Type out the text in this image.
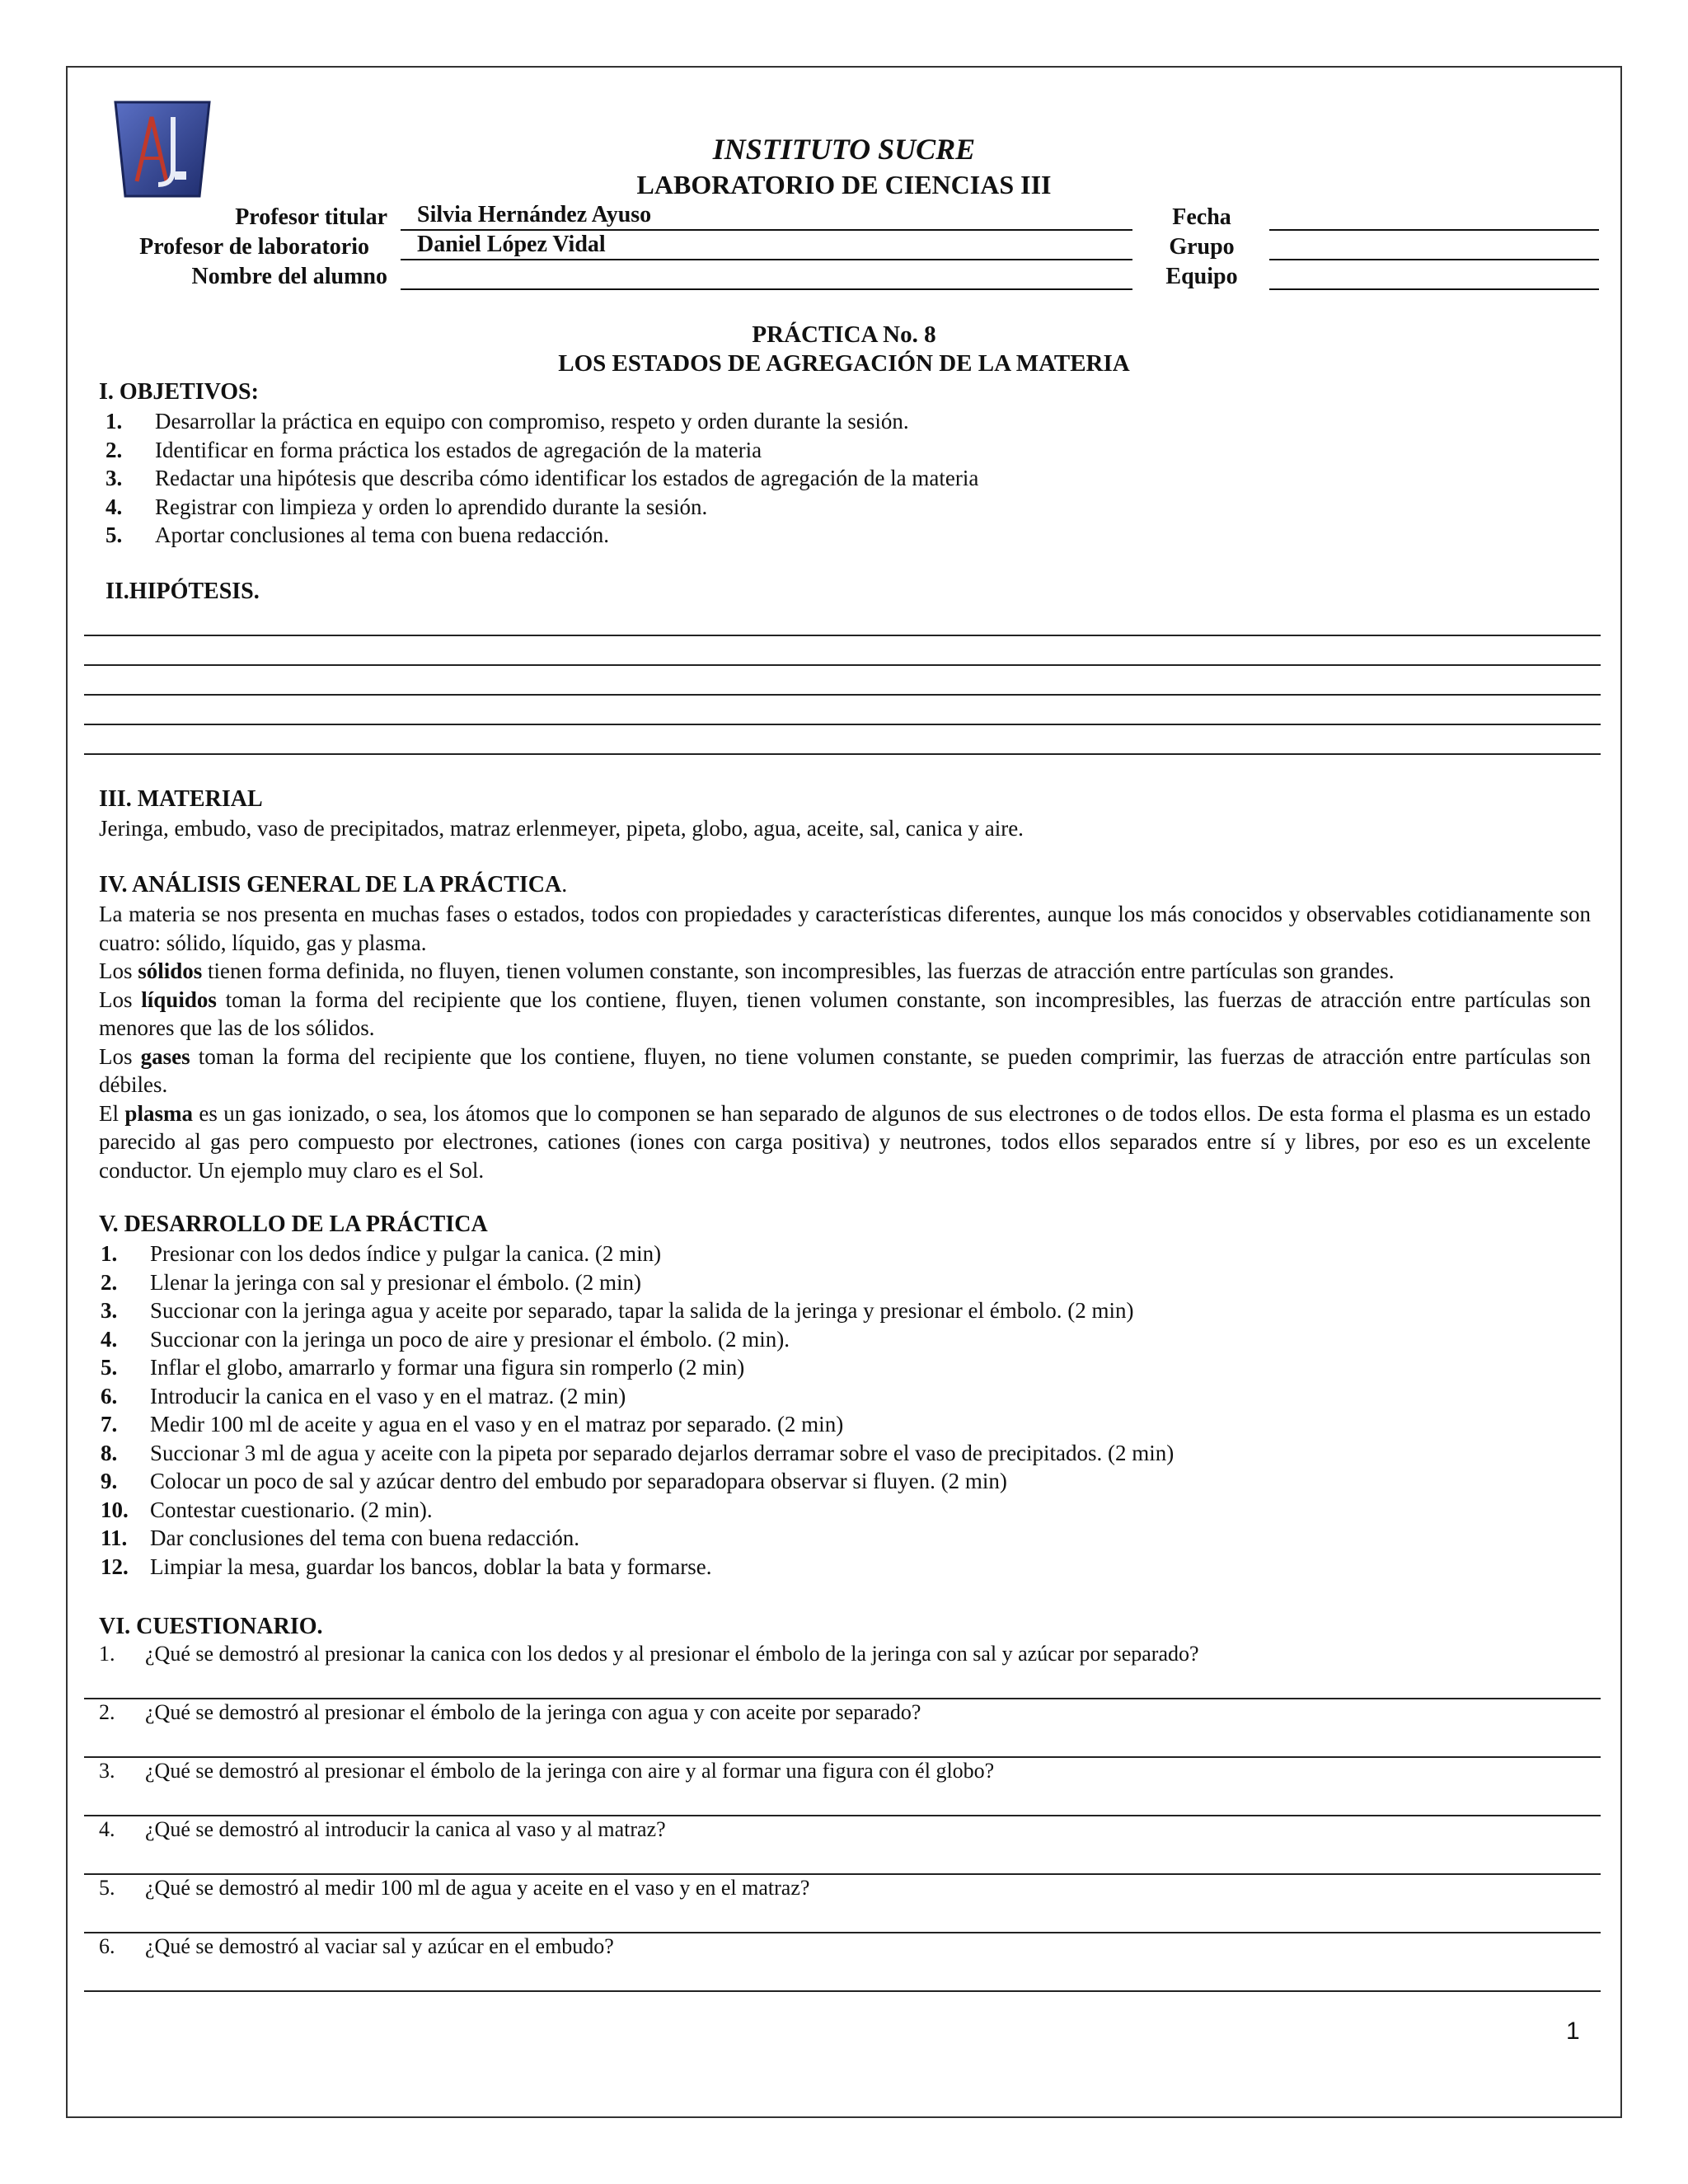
INSTITUTO SUCRE
LABORATORIO DE CIENCIAS III
Profesor titular	Silvia Hernández Ayuso
Profesor de laboratorio	Daniel López Vidal
Nombre del alumno
Fecha
Grupo
Equipo
PRÁCTICA No. 8
LOS ESTADOS DE AGREGACIÓN DE LA MATERIA
I. OBJETIVOS:
1. Desarrollar la práctica en equipo con compromiso, respeto y orden durante la sesión.
2. Identificar en forma práctica los estados de agregación de la materia
3. Redactar una hipótesis que describa cómo identificar los estados de agregación de la materia
4. Registrar con limpieza y orden lo aprendido durante la sesión.
5. Aportar conclusiones al tema con buena redacción.
II.HIPÓTESIS.
III. MATERIAL
Jeringa, embudo, vaso de precipitados, matraz erlenmeyer, pipeta, globo, agua, aceite, sal, canica y aire.
IV. ANÁLISIS GENERAL DE LA PRÁCTICA.

La materia se nos presenta en muchas fases o estados, todos con propiedades y características diferentes, aunque los más conocidos y observables cotidianamente son cuatro: sólido, líquido, gas y plasma.

Los sólidos tienen forma definida, no fluyen, tienen volumen constante, son incompresibles, las fuerzas de atracción entre partículas son grandes.

Los líquidos toman la forma del recipiente que los contiene, fluyen, tienen volumen constante, son incompresibles, las fuerzas de atracción entre partículas son menores que las de los sólidos.

Los gases toman la forma del recipiente que los contiene, fluyen, no tiene volumen constante, se pueden comprimir, las fuerzas de atracción entre partículas son débiles.

El plasma es un gas ionizado, o sea, los átomos que lo componen se han separado de algunos de sus electrones o de todos ellos. De esta forma el plasma es un estado parecido al gas pero compuesto por electrones, cationes (iones con carga positiva) y neutrones, todos ellos separados entre sí y libres, por eso es un excelente conductor. Un ejemplo muy claro es el Sol.

V. DESARROLLO DE LA PRÁCTICA
1. Presionar con los dedos índice y pulgar la canica. (2 min)
2. Llenar la jeringa con sal y presionar el émbolo. (2 min)
3. Succionar con la jeringa agua y aceite por separado, tapar la salida de la jeringa y presionar el émbolo. (2 min)
4. Succionar con la jeringa un poco de aire y presionar el émbolo. (2 min).
5. Inflar el globo, amarrarlo y formar una figura sin romperlo (2 min)
6. Introducir la canica en el vaso y en el matraz. (2 min)
7. Medir 100 ml de aceite y agua en el vaso y en el matraz por separado. (2 min)
8. Succionar 3 ml de agua y aceite con la pipeta por separado dejarlos derramar sobre el vaso de precipitados. (2 min)
9. Colocar un poco de sal y azúcar dentro del embudo por separadopara observar si fluyen. (2 min)
10. Contestar cuestionario. (2 min).
11. Dar conclusiones del tema con buena redacción.
12. Limpiar la mesa, guardar los bancos, doblar la bata y formarse.
VI. CUESTIONARIO.
1. ¿Qué se demostró al presionar la canica con los dedos y al presionar el émbolo de la jeringa con sal y azúcar por separado?
2. ¿Qué se demostró al presionar el émbolo de la jeringa con agua y con aceite por separado?
3. ¿Qué se demostró al presionar el émbolo de la jeringa con aire y al formar una figura con él globo?
4. ¿Qué se demostró al introducir la canica al vaso y al matraz?
5. ¿Qué se demostró al medir 100 ml de agua y aceite en el vaso y en el matraz?
6. ¿Qué se demostró al vaciar sal y azúcar en el embudo?
1
